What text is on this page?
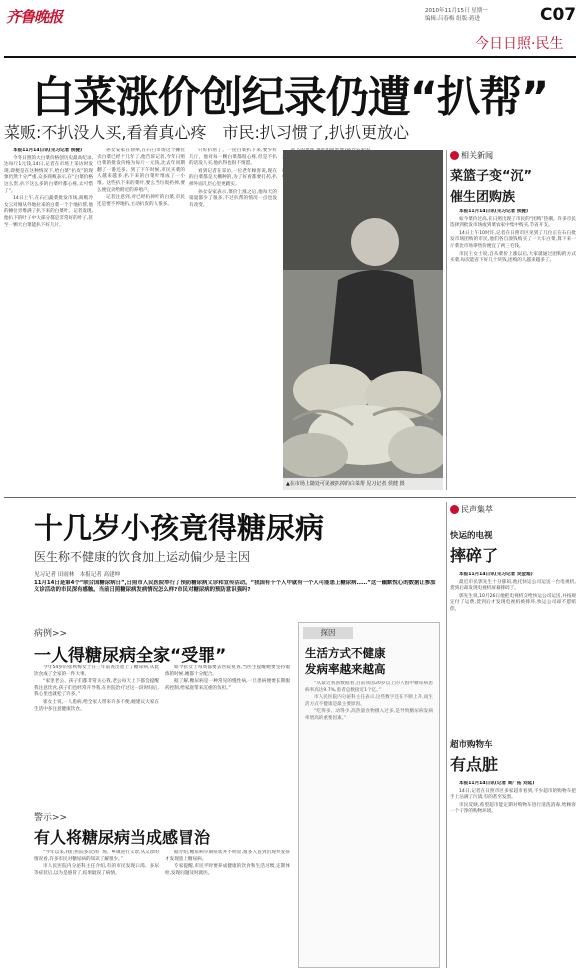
齐鲁晚报	2010年11月15日 星期一
编辑:吕春梅 组版:蒋进	C07
今日日照·民生
白菜涨价创纪录仍遭“扒帮”
菜贩:不扒没人买,看着真心疼　市民:扒习惯了,扒扒更放心

本报11月14日讯(见习记者 侯健)

今冬日照的大白菜价格创历史最高纪录,达每斤1元钱,14日,记者在市场上采访时发现,即便是在这种情况下,给白菜“扒皮”的现象仍然十分严重,众多商贩表示,在“白菜价格这么贵,扒下这么多的白菜叶都心疼,太可惜了”。

14日上午,在石臼蔬菜批发市场,商贩冷女云对刚从外地拉来的白菜一个个地扒帮,他的摊位旁堆满了扒下来的白菜叶。记者发现,他扒下的叶子中大部分都是非常好的叶子,甚至一颗大白菜能扒下好几片。

孙女安家在徐州,在石臼市场这个摊位卖白菜已经十几年了,他告诉记者,今年日照白菜的批发价格为每斤一元钱,比去年同期翻了一番还多。到了下午时候,市民买菜的人越来越多,扒下来的白菜叶堆成了一小堆。这些扒下来的菜叶,要么当垃圾扔掉,要么便宜卖给附近的养殖户。

记者注意到,对已经扒掉叶的白菜,市民还是要不停地扒,主动扒皮的人很多。

只好扒帮了。一筐白菜扒下来,要少好几斤。他对每一颗白菜都很心疼,但是不扒的话没人买,他扒得也很不情愿。

看到记者在采访,一位老年顾客说,现在的白菜都是大棚种的,为了好看都要打药,扒掉外面几层心里更踏实。

孙女安家表示,菜价上涨之后,他每天的销量都少了很多,不过扒帮的情况一点也没有改变。

▲在市场上随处可见被扒掉的白菜帮 见习记者 侯健 摄
相关新闻
菜篮子变“沉”
催生团购族

本报11月14日讯(见习记者 侯健)

如今菜价过高,在日照出现了市民的“团购”热潮。许多市民选择到批发市场或到菜农家中集中购买,节省开支。

14日上午10时许,记者在日照市区见到了几位正在石臼批发市场团购的市民,他们各自凑钱购买了一大车白菜,算下来一斤菜比市场零售价便宜了两三毛钱。

市民王女士说,自从菜价上涨以后,大家就通过团购的方式买菜,每次能省下好几十块钱,团购的人越来越多了。

十几岁小孩竟得糖尿病
医生称不健康的饮食加上运动偏少是主因
见习记者 田雨林　本报记者 高建坤
11月14日是第4个“联合国糖尿病日”,日照市人民医院举行了预防糖尿病义诊和宣传活动。“我国有十个人中就有一个人可能患上糖尿病……”这一幽默悦心的数据让参加义诊活动的市民深有感触。当前日照糖尿病发病情况怎么样?市民对糖尿病的预防意识强吗?
病例>>
一人得糖尿病全家“受罪”

今年54岁的崔秋梅女士在三年前查出患上了糖尿病,从此饮食成了全家的一件大事。

“家里老公、孩子们都非常关心我,老公每天上下都会提醒我注意饮食,孩子们也经常开导我,在医院治疗过这一段时间后,我心里也就松了许多。”

崔女士说,一人患病,给全家人带来许多不便,她建议大家在生活中多注意健康饮食。

如今崔女士每周都要去医院复查,当医生提醒她要坚持锻炼的时候,她都十分配合。

据了解,糖尿病是一种常见的慢性病,一旦患病便要长期服药控制,给家庭带来沉重的负担。”

警示>>
有人将糖尿病当成感冒治

“今年以来,我们医院多次到广场、乡镇进行义诊,从义诊的情况看,许多市民对糖尿病的知识了解很少。”

市人民医院内分泌科主任介绍,有的市民发现口渴、多尿等症状后,以为是感冒了,结果耽误了病情。

据介绍,糖尿病早期症状并不明显,很多人直到出现并发症才发现患上糖尿病。

专家提醒,市民平时要养成健康的饮食和生活习惯,定期体检,发现问题及时就医。

探因
生活方式不健康
发病率越来越高

“从最近我国数据看,目前我国20岁以上的人群中糖尿病患病率高达9.7%,患者总数接近1个亿。”

市人民医院内分泌科主任表示,这些数字还在不断上升,而生活方式不健康是最主要原因。

“吃得多、动得少,高热量食物摄入过多,是导致糖尿病发病率增高的重要因素。”

民声集萃
快运的电视
摔碎了

本报11月14日讯(见习记者 吴金超)

最近市民郭先生十分郁闷,他托快运公司运送一台电视机,货到后却发现电视机屏幕摔碎了。

郭先生说,10月26日他把电视机交给快运公司运送,并按规定付了运费,货到后才发现电视机被摔坏,快运公司却不愿赔偿。

超市购物车
有点脏

本报11月14日讯(记者 周广拓 刘延)

14日,记者在日照市区多家超市看到,不少超市的购物车把手上沾满了污渍,有的甚至发黑。

市民反映,希望超市能定期对购物车进行清洗消毒,给顾客一个干净的购物环境。
